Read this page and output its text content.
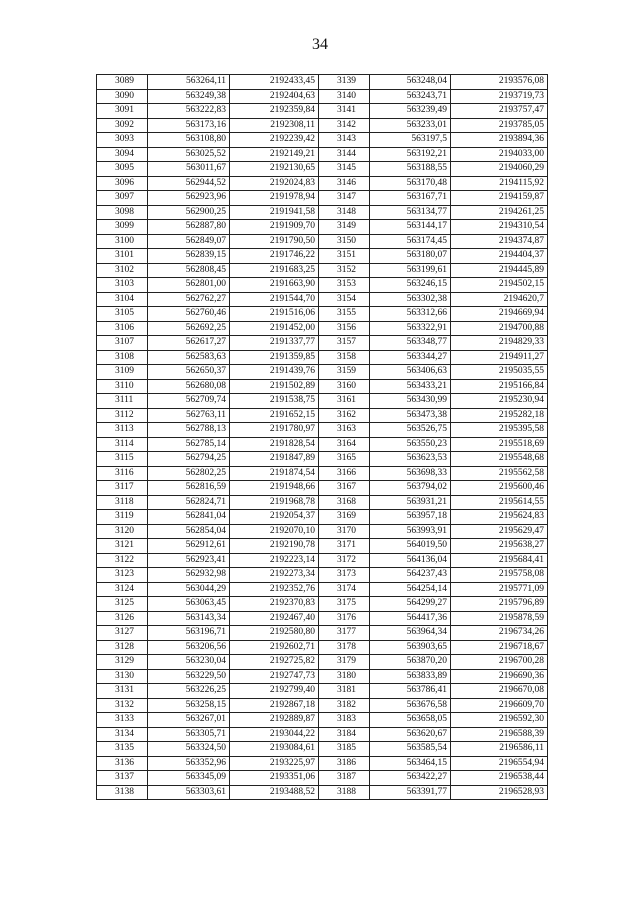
34
3089	563264,11	2192433,45	3139	563248,04	2193576,08
3090	563249,38	2192404,63	3140	563243,71	2193719,73
3091	563222,83	2192359,84	3141	563239,49	2193757,47
3092	563173,16	2192308,11	3142	563233,01	2193785,05
3093	563108,80	2192239,42	3143	563197,5	2193894,36
3094	563025,52	2192149,21	3144	563192,21	2194033,00
3095	563011,67	2192130,65	3145	563188,55	2194060,29
3096	562944,52	2192024,83	3146	563170,48	2194115,92
3097	562923,96	2191978,94	3147	563167,71	2194159,87
3098	562900,25	2191941,58	3148	563134,77	2194261,25
3099	562887,80	2191909,70	3149	563144,17	2194310,54
3100	562849,07	2191790,50	3150	563174,45	2194374,87
3101	562839,15	2191746,22	3151	563180,07	2194404,37
3102	562808,45	2191683,25	3152	563199,61	2194445,89
3103	562801,00	2191663,90	3153	563246,15	2194502,15
3104	562762,27	2191544,70	3154	563302,38	2194620,7
3105	562760,46	2191516,06	3155	563312,66	2194669,94
3106	562692,25	2191452,00	3156	563322,91	2194700,88
3107	562617,27	2191337,77	3157	563348,77	2194829,33
3108	562583,63	2191359,85	3158	563344,27	2194911,27
3109	562650,37	2191439,76	3159	563406,63	2195035,55
3110	562680,08	2191502,89	3160	563433,21	2195166,84
3111	562709,74	2191538,75	3161	563430,99	2195230,94
3112	562763,11	2191652,15	3162	563473,38	2195282,18
3113	562788,13	2191780,97	3163	563526,75	2195395,58
3114	562785,14	2191828,54	3164	563550,23	2195518,69
3115	562794,25	2191847,89	3165	563623,53	2195548,68
3116	562802,25	2191874,54	3166	563698,33	2195562,58
3117	562816,59	2191948,66	3167	563794,02	2195600,46
3118	562824,71	2191968,78	3168	563931,21	2195614,55
3119	562841,04	2192054,37	3169	563957,18	2195624,83
3120	562854,04	2192070,10	3170	563993,91	2195629,47
3121	562912,61	2192190,78	3171	564019,50	2195638,27
3122	562923,41	2192223,14	3172	564136,04	2195684,41
3123	562932,98	2192273,34	3173	564237,43	2195758,08
3124	563044,29	2192352,76	3174	564254,14	2195771,09
3125	563063,45	2192370,83	3175	564299,27	2195796,89
3126	563143,34	2192467,40	3176	564417,36	2195878,59
3127	563196,71	2192580,80	3177	563964,34	2196734,26
3128	563206,56	2192602,71	3178	563903,65	2196718,67
3129	563230,04	2192725,82	3179	563870,20	2196700,28
3130	563229,50	2192747,73	3180	563833,89	2196690,36
3131	563226,25	2192799,40	3181	563786,41	2196670,08
3132	563258,15	2192867,18	3182	563676,58	2196609,70
3133	563267,01	2192889,87	3183	563658,05	2196592,30
3134	563305,71	2193044,22	3184	563620,67	2196588,39
3135	563324,50	2193084,61	3185	563585,54	2196586,11
3136	563352,96	2193225,97	3186	563464,15	2196554,94
3137	563345,09	2193351,06	3187	563422,27	2196538,44
3138	563303,61	2193488,52	3188	563391,77	2196528,93
